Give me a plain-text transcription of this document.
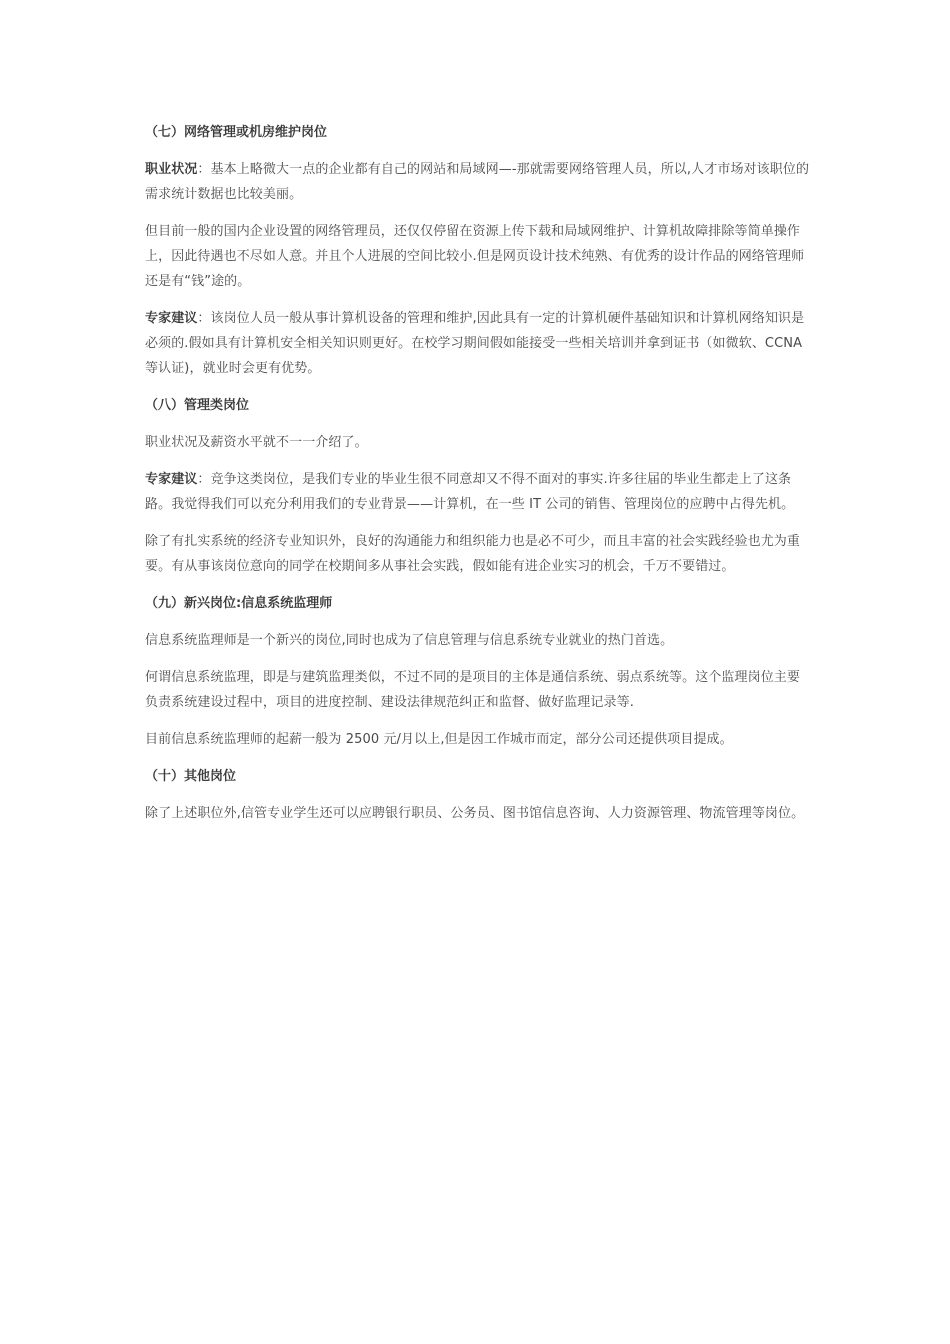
（七）网络管理或机房维护岗位

职业状况：基本上略微大一点的企业都有自己的网站和局域网—-那就需要网络管理人员，所以,人才市场对该职位的需求统计数据也比较美丽。

但目前一般的国内企业设置的网络管理员，还仅仅停留在资源上传下载和局域网维护、计算机故障排除等简单操作上，因此待遇也不尽如人意。并且个人进展的空间比较小.但是网页设计技术纯熟、有优秀的设计作品的网络管理师还是有“钱”途的。

专家建议：该岗位人员一般从事计算机设备的管理和维护,因此具有一定的计算机硬件基础知识和计算机网络知识是必须的.假如具有计算机安全相关知识则更好。在校学习期间假如能接受一些相关培训并拿到证书（如微软、CCNA 等认证)，就业时会更有优势。

（八）管理类岗位

职业状况及薪资水平就不一一介绍了。

专家建议：竞争这类岗位，是我们专业的毕业生很不同意却又不得不面对的事实.许多往届的毕业生都走上了这条路。我觉得我们可以充分利用我们的专业背景——计算机，在一些 IT 公司的销售、管理岗位的应聘中占得先机。

除了有扎实系统的经济专业知识外，良好的沟通能力和组织能力也是必不可少，而且丰富的社会实践经验也尤为重要。有从事该岗位意向的同学在校期间多从事社会实践，假如能有进企业实习的机会，千万不要错过。

（九）新兴岗位:信息系统监理师

信息系统监理师是一个新兴的岗位,同时也成为了信息管理与信息系统专业就业的热门首选。

何谓信息系统监理，即是与建筑监理类似，不过不同的是项目的主体是通信系统、弱点系统等。这个监理岗位主要负责系统建设过程中，项目的进度控制、建设法律规范纠正和监督、做好监理记录等.

目前信息系统监理师的起薪一般为 2500 元/月以上,但是因工作城市而定，部分公司还提供项目提成。

（十）其他岗位

除了上述职位外,信管专业学生还可以应聘银行职员、公务员、图书馆信息咨询、人力资源管理、物流管理等岗位。
